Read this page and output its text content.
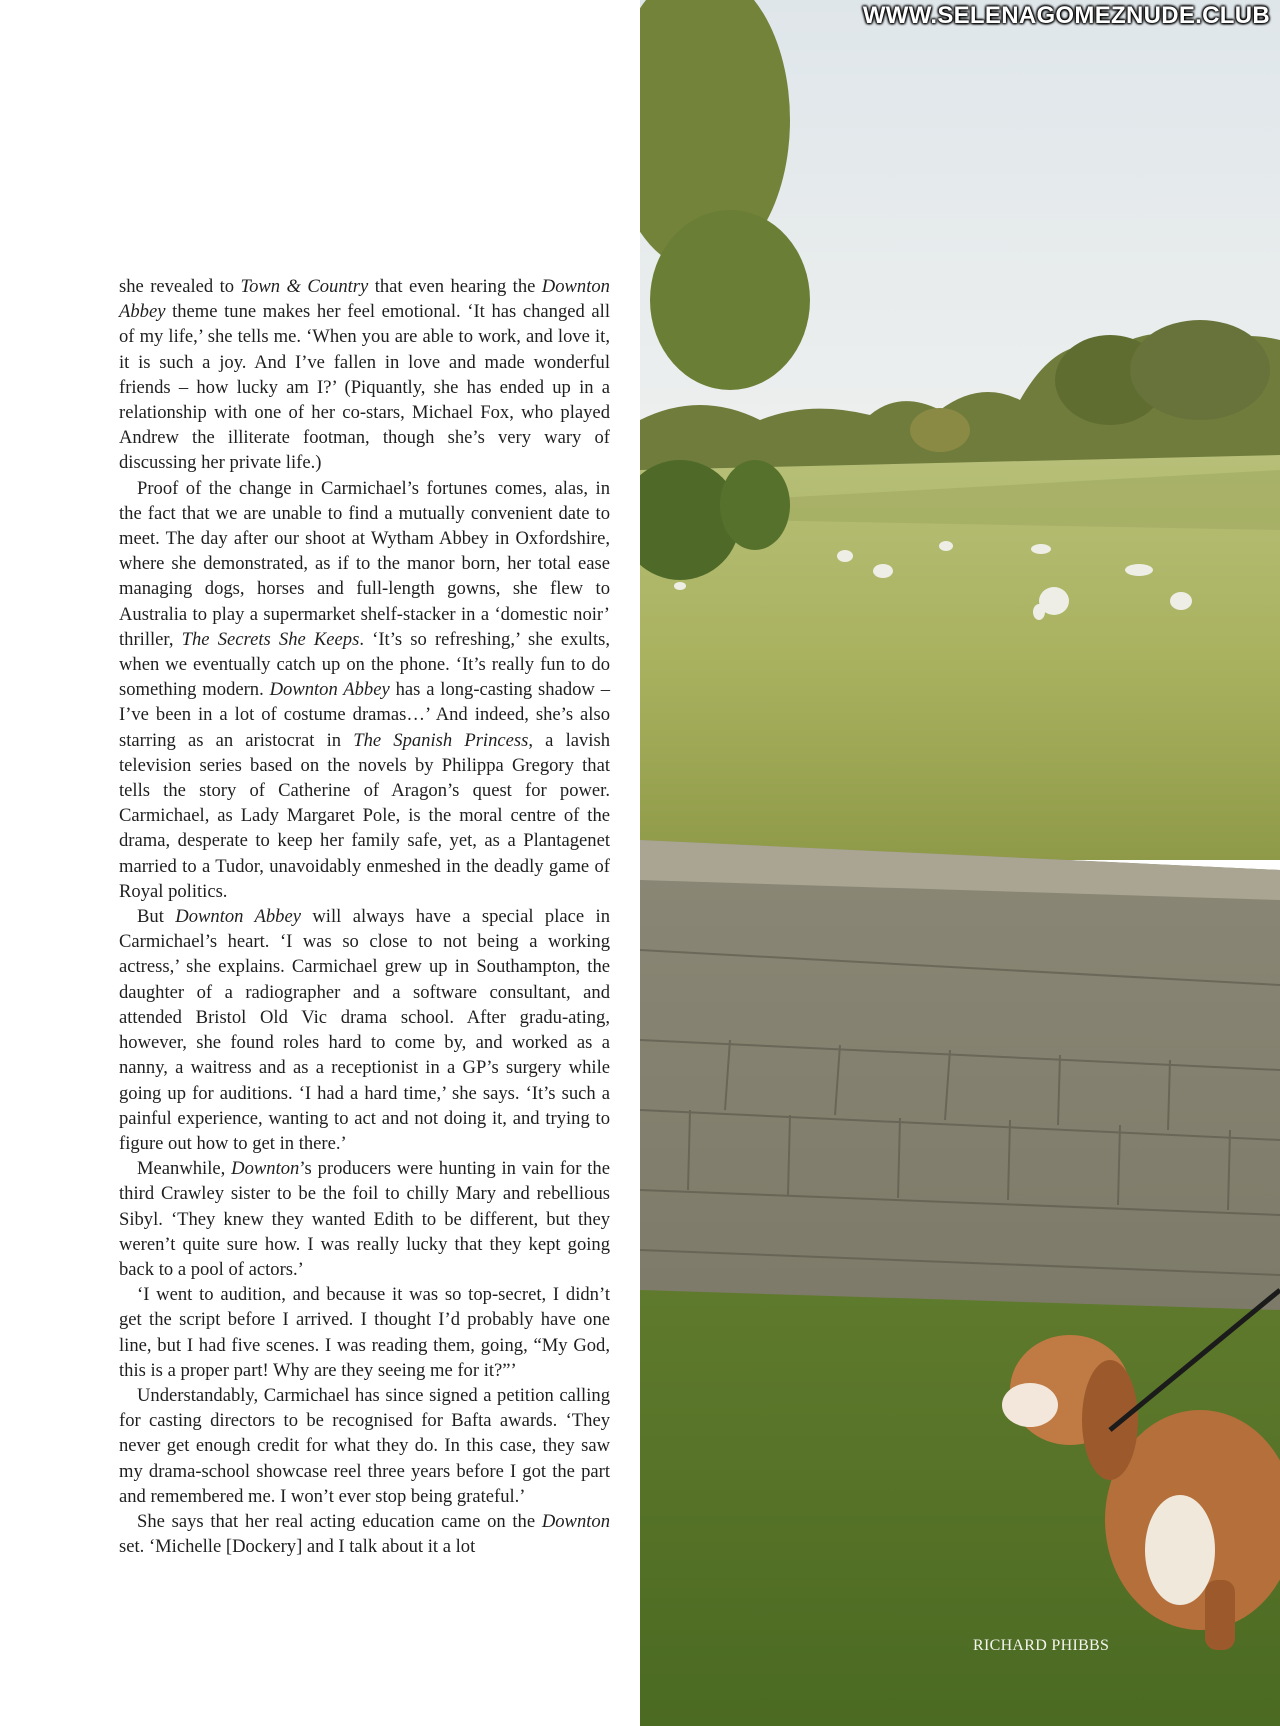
she revealed to Town & Country that even hearing the Downton Abbey theme tune makes her feel emotional. ‘It has changed all of my life,’ she tells me. ‘When you are able to work, and love it, it is such a joy. And I’ve fallen in love and made wonderful friends – how lucky am I?’ (Piquantly, she has ended up in a relationship with one of her co-stars, Michael Fox, who played Andrew the illiterate footman, though she’s very wary of discussing her private life.)

Proof of the change in Carmichael’s fortunes comes, alas, in the fact that we are unable to find a mutually convenient date to meet. The day after our shoot at Wytham Abbey in Oxfordshire, where she demonstrated, as if to the manor born, her total ease managing dogs, horses and full-length gowns, she flew to Australia to play a supermarket shelf-stacker in a ‘domestic noir’ thriller, The Secrets She Keeps. ‘It’s so refreshing,’ she exults, when we eventually catch up on the phone. ‘It’s really fun to do something modern. Downton Abbey has a long-casting shadow – I’ve been in a lot of costume dramas…’ And indeed, she’s also starring as an aristocrat in The Spanish Princess, a lavish television series based on the novels by Philippa Gregory that tells the story of Catherine of Aragon’s quest for power. Carmichael, as Lady Margaret Pole, is the moral centre of the drama, desperate to keep her family safe, yet, as a Plantagenet married to a Tudor, unavoidably enmeshed in the deadly game of Royal politics.

But Downton Abbey will always have a special place in Carmichael’s heart. ‘I was so close to not being a working actress,’ she explains. Carmichael grew up in Southampton, the daughter of a radiographer and a software consultant, and attended Bristol Old Vic drama school. After gradu-ating, however, she found roles hard to come by, and worked as a nanny, a waitress and as a receptionist in a GP’s surgery while going up for auditions. ‘I had a hard time,’ she says. ‘It’s such a painful experience, wanting to act and not doing it, and trying to figure out how to get in there.’

Meanwhile, Downton’s producers were hunting in vain for the third Crawley sister to be the foil to chilly Mary and rebellious Sibyl. ‘They knew they wanted Edith to be different, but they weren’t quite sure how. I was really lucky that they kept going back to a pool of actors.’

‘I went to audition, and because it was so top-secret, I didn’t get the script before I arrived. I thought I’d probably have one line, but I had five scenes. I was reading them, going, “My God, this is a proper part! Why are they seeing me for it?”’

Understandably, Carmichael has since signed a petition calling for casting directors to be recognised for Bafta awards. ‘They never get enough credit for what they do. In this case, they saw my drama-school showcase reel three years before I got the part and remembered me. I won’t ever stop being grateful.’

She says that her real acting education came on the Downton set. ‘Michelle [Dockery] and I talk about it a lot

WWW.SELENAGOMEZNUDE.CLUB
RICHARD PHIBBS
